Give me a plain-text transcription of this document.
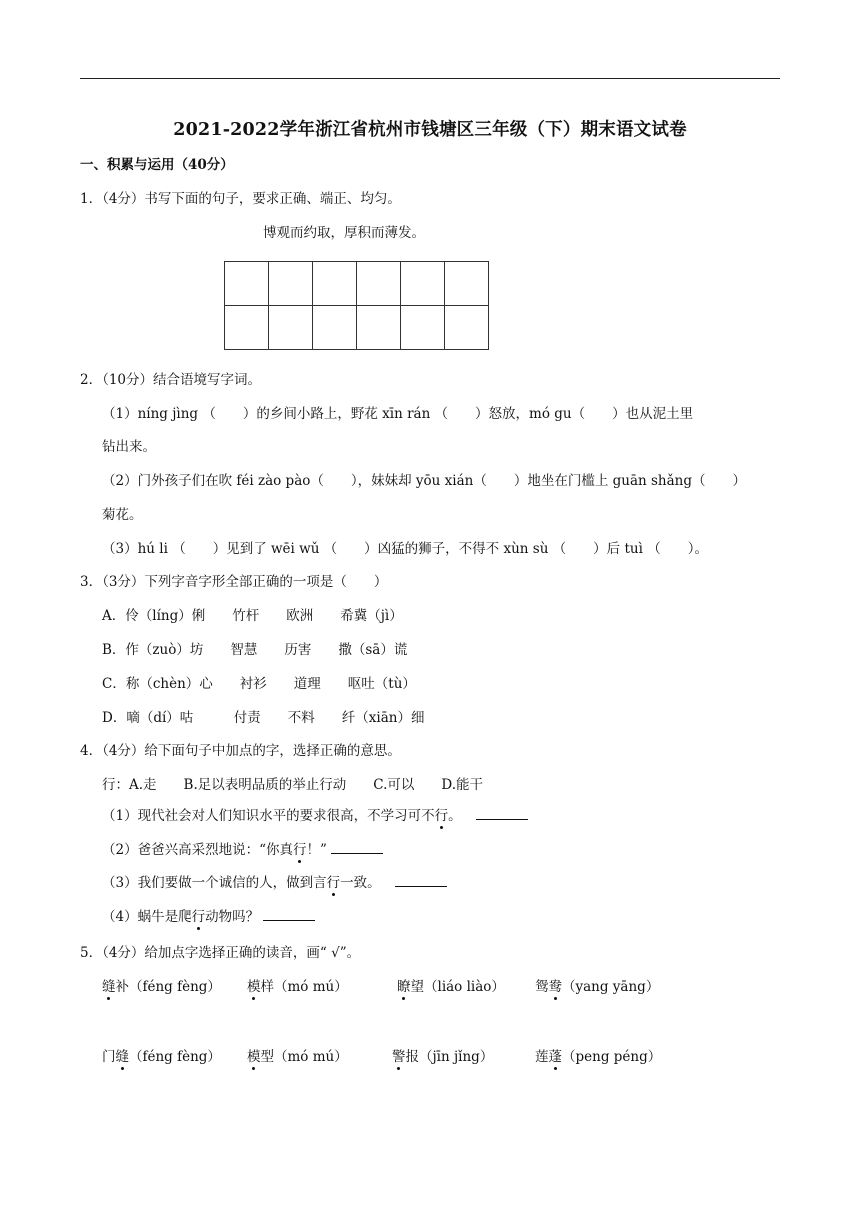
2021-2022学年浙江省杭州市钱塘区三年级（下）期末语文试卷
一、积累与运用（40分）
1．（4分）书写下面的句子，要求正确、端正、均匀。
博观而约取，厚积而薄发。

2．（10分）结合语境写字词。
（1）níng jìng （　　）的乡间小路上，野花 xīn rán （　　）怒放，mó gu（　　）也从泥土里
钻出来。
（2）门外孩子们在吹 féi zào pào（　　），妹妹却 yōu xián（　　）地坐在门槛上 guān shǎng（　　）
菊花。
（3）hú li （　　）见到了 wēi wǔ （　　）凶猛的狮子，不得不 xùn sù （　　）后 tuì （　　）。
3．（3分）下列字音字形全部正确的一项是（　　）
A．伶（líng）俐　　竹杆　　欧洲　　希冀（jì）
B．作（zuò）坊　　智慧　　历害　　撒（sā）谎
C．称（chèn）心　　衬衫　　道理　　呕吐（tù）
D．嘀（dí）咕　　　付责　　不料　　纤（xiān）细
4．（4分）给下面句子中加点的字，选择正确的意思。
行：A.走　　B.足以表明品质的举止行动　　C.可以　　D.能干
（1）现代社会对人们知识水平的要求很高，不学习可不行。
（2）爸爸兴高采烈地说：“你真行！”
（3）我们要做一个诚信的人，做到言行一致。
（4）蜗牛是爬行动物吗？
5．（4分）给加点字选择正确的读音，画“ √”。
缝补（féng fèng） 模样（mó mú）	瞭望（liáo liào） 鸳鸯（yang yāng）
门缝（féng fèng） 模型（mó mú）	警报（jīn jǐng）	莲蓬（peng péng）
